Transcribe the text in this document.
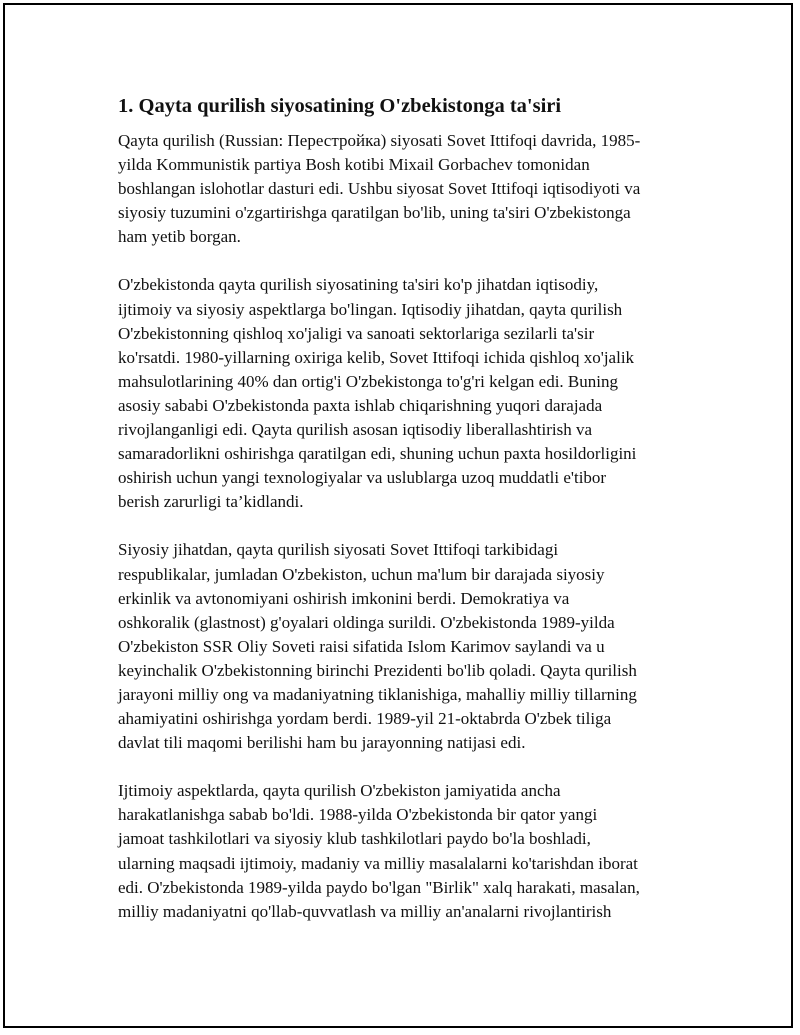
1. Qayta qurilish siyosatining O'zbekistonga ta'siri
Qayta qurilish (Russian: Перестройка) siyosati Sovet Ittifoqi davrida, 1985-
yilda Kommunistik partiya Bosh kotibi Mixail Gorbachev tomonidan
boshlangan islohotlar dasturi edi. Ushbu siyosat Sovet Ittifoqi iqtisodiyoti va
siyosiy tuzumini o'zgartirishga qaratilgan bo'lib, uning ta'siri O'zbekistonga
ham yetib borgan.
O'zbekistonda qayta qurilish siyosatining ta'siri ko'p jihatdan iqtisodiy,
ijtimoiy va siyosiy aspektlarga bo'lingan. Iqtisodiy jihatdan, qayta qurilish
O'zbekistonning qishloq xo'jaligi va sanoati sektorlariga sezilarli ta'sir
ko'rsatdi. 1980-yillarning oxiriga kelib, Sovet Ittifoqi ichida qishloq xo'jalik
mahsulotlarining 40% dan ortig'i O'zbekistonga to'g'ri kelgan edi. Buning
asosiy sababi O'zbekistonda paxta ishlab chiqarishning yuqori darajada
rivojlanganligi edi. Qayta qurilish asosan iqtisodiy liberallashtirish va
samaradorlikni oshirishga qaratilgan edi, shuning uchun paxta hosildorligini
oshirish uchun yangi texnologiyalar va uslublarga uzoq muddatli e'tibor
berish zarurligi ta’kidlandi.
Siyosiy jihatdan, qayta qurilish siyosati Sovet Ittifoqi tarkibidagi
respublikalar, jumladan O'zbekiston, uchun ma'lum bir darajada siyosiy
erkinlik va avtonomiyani oshirish imkonini berdi. Demokratiya va
oshkoralik (glastnost) g'oyalari oldinga surildi. O'zbekistonda 1989-yilda
O'zbekiston SSR Oliy Soveti raisi sifatida Islom Karimov saylandi va u
keyinchalik O'zbekistonning birinchi Prezidenti bo'lib qoladi. Qayta qurilish
jarayoni milliy ong va madaniyatning tiklanishiga, mahalliy milliy tillarning
ahamiyatini oshirishga yordam berdi. 1989-yil 21-oktabrda O'zbek tiliga
davlat tili maqomi berilishi ham bu jarayonning natijasi edi.
Ijtimoiy aspektlarda, qayta qurilish O'zbekiston jamiyatida ancha
harakatlanishga sabab bo'ldi. 1988-yilda O'zbekistonda bir qator yangi
jamoat tashkilotlari va siyosiy klub tashkilotlari paydo bo'la boshladi,
ularning maqsadi ijtimoiy, madaniy va milliy masalalarni ko'tarishdan iborat
edi. O'zbekistonda 1989-yilda paydo bo'lgan "Birlik" xalq harakati, masalan,
milliy madaniyatni qo'llab-quvvatlash va milliy an'analarni rivojlantirish
